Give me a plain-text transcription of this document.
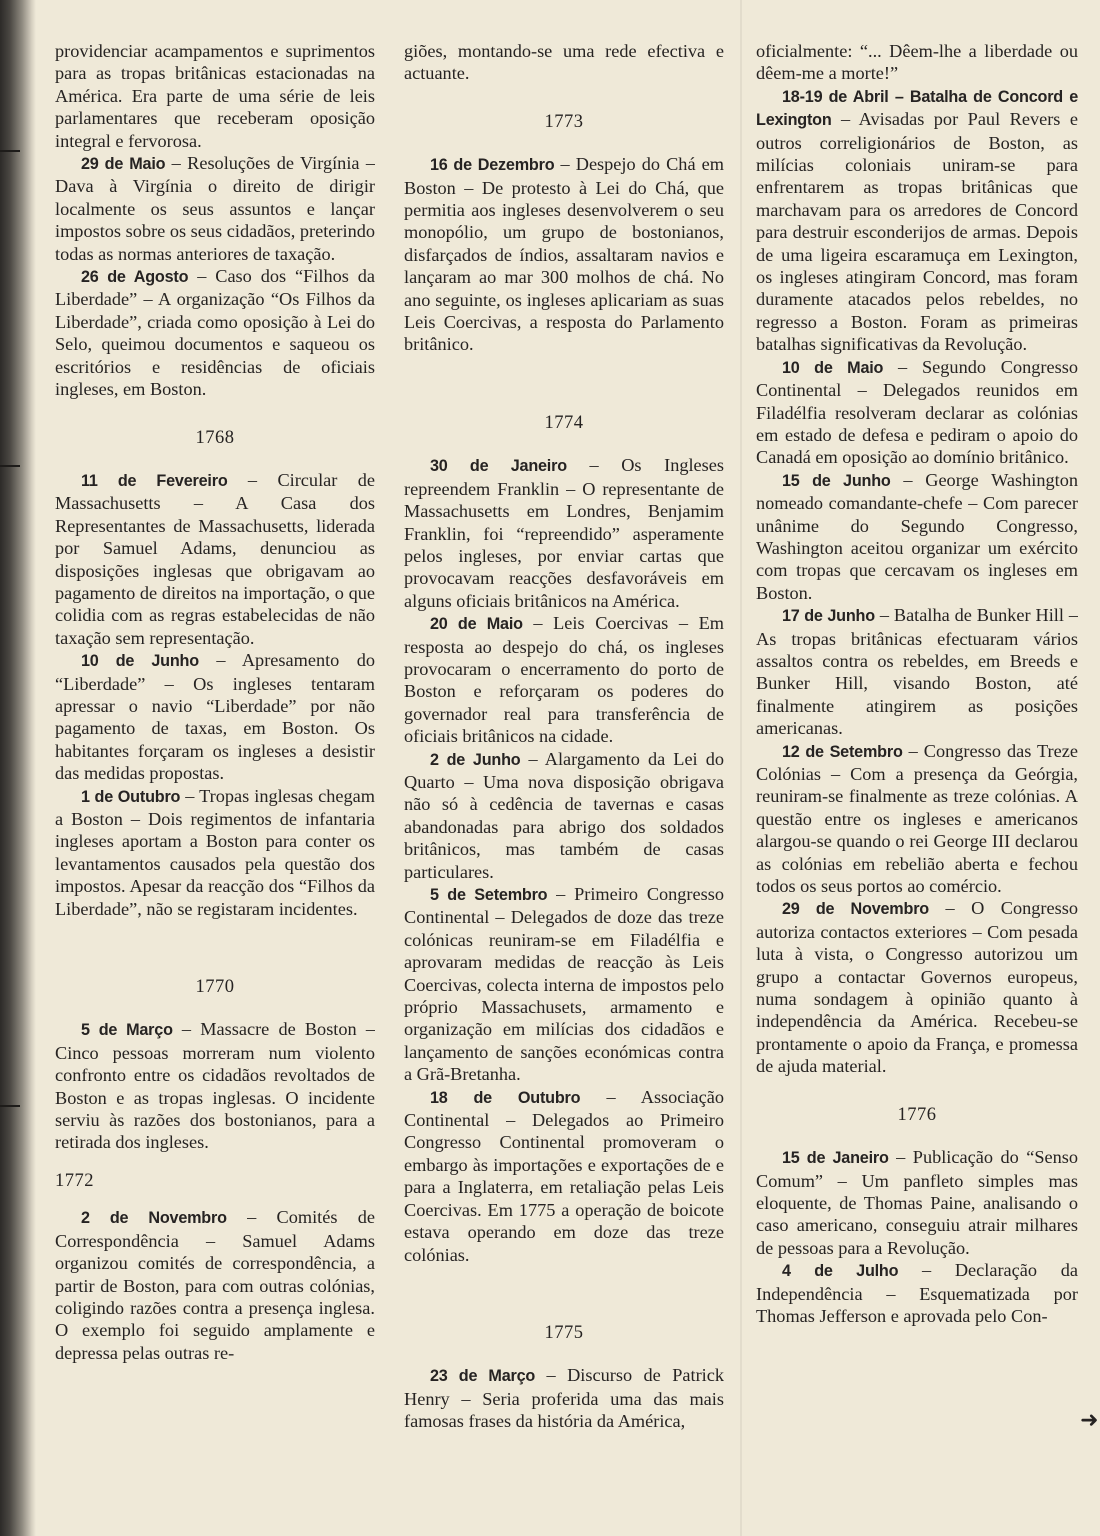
providenciar acampamentos e suprimentos para as tropas britânicas estacionadas na América. Era parte de uma série de leis parlamentares que receberam oposição integral e fervorosa.

29 de Maio – Resoluções de Virgínia – Dava à Virgínia o direito de dirigir localmente os seus assuntos e lançar impostos sobre os seus cidadãos, preterindo todas as normas anteriores de taxação.

26 de Agosto – Caso dos “Filhos da Liberdade” – A organização “Os Filhos da Liberdade”, criada como oposição à Lei do Selo, queimou documentos e saqueou os escritórios e residências de oficiais ingleses, em Boston.

1768

11 de Fevereiro – Circular de Massachusetts – A Casa dos Representantes de Massachusetts, liderada por Samuel Adams, denunciou as disposições inglesas que obrigavam ao pagamento de direitos na importação, o que colidia com as regras estabelecidas de não taxação sem representação.

10 de Junho – Apresamento do “Liberdade” – Os ingleses tentaram apressar o navio “Liberdade” por não pagamento de taxas, em Boston. Os habitantes forçaram os ingleses a desistir das medidas propostas.

1 de Outubro – Tropas inglesas chegam a Boston – Dois regimentos de infantaria ingleses aportam a Boston para conter os levantamentos causados pela questão dos impostos. Apesar da reacção dos “Filhos da Liberdade”, não se registaram incidentes.

1770

5 de Março – Massacre de Boston – Cinco pessoas morreram num violento confronto entre os cidadãos revoltados de Boston e as tropas inglesas. O incidente serviu às razões dos bostonianos, para a retirada dos ingleses.

1772

2 de Novembro – Comités de Correspondência – Samuel Adams organizou comités de correspondência, a partir de Boston, para com outras colónias, coligindo razões contra a presença inglesa. O exemplo foi seguido amplamente e depressa pelas outras re-

giões, montando-se uma rede efectiva e actuante.

1773

16 de Dezembro – Despejo do Chá em Boston – De protesto à Lei do Chá, que permitia aos ingleses desenvolverem o seu monopólio, um grupo de bostonianos, disfarçados de índios, assaltaram navios e lançaram ao mar 300 molhos de chá. No ano seguinte, os ingleses aplicariam as suas Leis Coercivas, a resposta do Parlamento britânico.

1774

30 de Janeiro – Os Ingleses repreendem Franklin – O representante de Massachusetts em Londres, Benjamim Franklin, foi “repreendido” asperamente pelos ingleses, por enviar cartas que provocavam reacções desfavoráveis em alguns oficiais britânicos na América.

20 de Maio – Leis Coercivas – Em resposta ao despejo do chá, os ingleses provocaram o encerramento do porto de Boston e reforçaram os poderes do governador real para transferência de oficiais britânicos na cidade.

2 de Junho – Alargamento da Lei do Quarto – Uma nova disposição obrigava não só à cedência de tavernas e casas abandonadas para abrigo dos soldados britânicos, mas também de casas particulares.

5 de Setembro – Primeiro Congresso Continental – Delegados de doze das treze colónicas reuniram-se em Filadélfia e aprovaram medidas de reacção às Leis Coercivas, colecta interna de impostos pelo próprio Massachusets, armamento e organização em milícias dos cidadãos e lançamento de sanções económicas contra a Grã-Bretanha.

18 de Outubro – Associação Continental – Delegados ao Primeiro Congresso Continental promoveram o embargo às importações e exportações de e para a Inglaterra, em retaliação pelas Leis Coercivas. Em 1775 a operação de boicote estava operando em doze das treze colónias.

1775

23 de Março – Discurso de Patrick Henry – Seria proferida uma das mais famosas frases da história da América,

oficialmente: “... Dêem-lhe a liberdade ou dêem-me a morte!”

18-19 de Abril – Batalha de Concord e Lexington – Avisadas por Paul Revers e outros correligionários de Boston, as milícias coloniais uniram-se para enfrentarem as tropas britânicas que marchavam para os arredores de Concord para destruir esconderijos de armas. Depois de uma ligeira escaramuça em Lexington, os ingleses atingiram Concord, mas foram duramente atacados pelos rebeldes, no regresso a Boston. Foram as primeiras batalhas significativas da Revolução.

10 de Maio – Segundo Congresso Continental – Delegados reunidos em Filadélfia resolveram declarar as colónias em estado de defesa e pediram o apoio do Canadá em oposição ao domínio britânico.

15 de Junho – George Washington nomeado comandante-chefe – Com parecer unânime do Segundo Congresso, Washington aceitou organizar um exército com tropas que cercavam os ingleses em Boston.

17 de Junho – Batalha de Bunker Hill – As tropas britânicas efectuaram vários assaltos contra os rebeldes, em Breeds e Bunker Hill, visando Boston, até finalmente atingirem as posições americanas.

12 de Setembro – Congresso das Treze Colónias – Com a presença da Geórgia, reuniram-se finalmente as treze colónias. A questão entre os ingleses e americanos alargou-se quando o rei George III declarou as colónias em rebelião aberta e fechou todos os seus portos ao comércio.

29 de Novembro – O Congresso autoriza contactos exteriores – Com pesada luta à vista, o Congresso autorizou um grupo a contactar Governos europeus, numa sondagem à opinião quanto à independência da América. Recebeu-se prontamente o apoio da França, e promessa de ajuda material.

1776

15 de Janeiro – Publicação do “Senso Comum” – Um panfleto simples mas eloquente, de Thomas Paine, analisando o caso americano, conseguiu atrair milhares de pessoas para a Revolução.

4 de Julho – Declaração da Independência – Esquematizada por Thomas Jefferson e aprovada pelo Con-

➜
